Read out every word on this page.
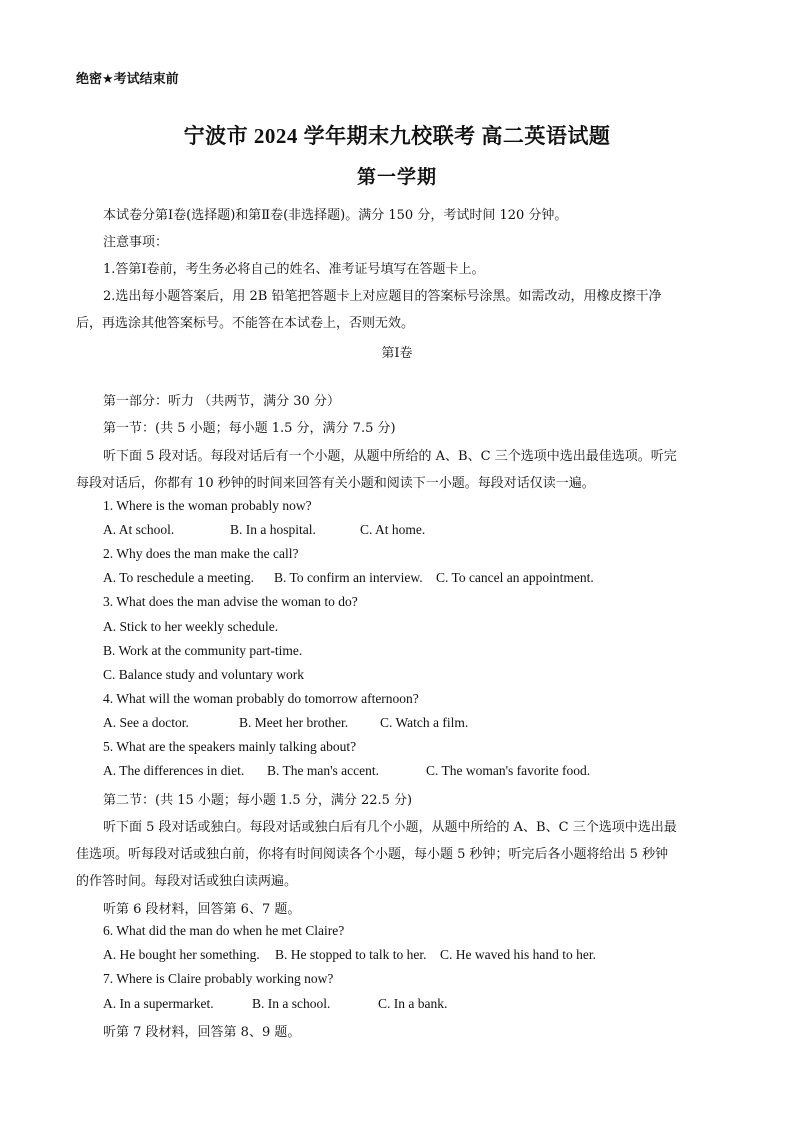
绝密★考试结束前
宁波市 2024 学年期末九校联考 高二英语试题
第一学期
本试卷分第Ⅰ卷(选择题)和第Ⅱ卷(非选择题)。满分 150 分，考试时间 120 分钟。
注意事项：
1.答第Ⅰ卷前，考生务必将自己的姓名、准考证号填写在答题卡上。
2.选出每小题答案后，用 2B 铅笔把答题卡上对应题目的答案标号涂黑。如需改动，用橡皮擦干净
后，再选涂其他答案标号。不能答在本试卷上，否则无效。
第Ⅰ卷
第一部分：听力 （共两节，满分 30 分）
第一节：(共 5 小题；每小题 1.5 分，满分 7.5 分)
听下面 5 段对话。每段对话后有一个小题，从题中所给的 A、B、C 三个选项中选出最佳选项。听完
每段对话后，你都有 10 秒钟的时间来回答有关小题和阅读下一小题。每段对话仅读一遍。
1. Where is the woman probably now?
A. At school.	B. In a hospital.	C. At home.
2. Why does the man make the call?
A. To reschedule a meeting. B. To confirm an interview. C. To cancel an appointment.
3. What does the man advise the woman to do?
A. Stick to her weekly schedule.
B. Work at the community part-time.
C. Balance study and voluntary work
4. What will the woman probably do tomorrow afternoon?
A. See a doctor.	B. Meet her brother. C. Watch a film.
5. What are the speakers mainly talking about?
A. The differences in diet. B. The man's accent.	C. The woman's favorite food.
第二节：(共 15 小题；每小题 1.5 分，满分 22.5 分)
听下面 5 段对话或独白。每段对话或独白后有几个小题，从题中所给的 A、B、C 三个选项中选出最
佳选项。听每段对话或独白前，你将有时间阅读各个小题，每小题 5 秒钟；听完后各小题将给出 5 秒钟
的作答时间。每段对话或独白读两遍。
听第 6 段材料，回答第 6、7 题。
6. What did the man do when he met Claire?
A. He bought her something. B. He stopped to talk to her. C. He waved his hand to her.
7. Where is Claire probably working now?
A. In a supermarket.	B. In a school.	C. In a bank.
听第 7 段材料，回答第 8、9 题。
